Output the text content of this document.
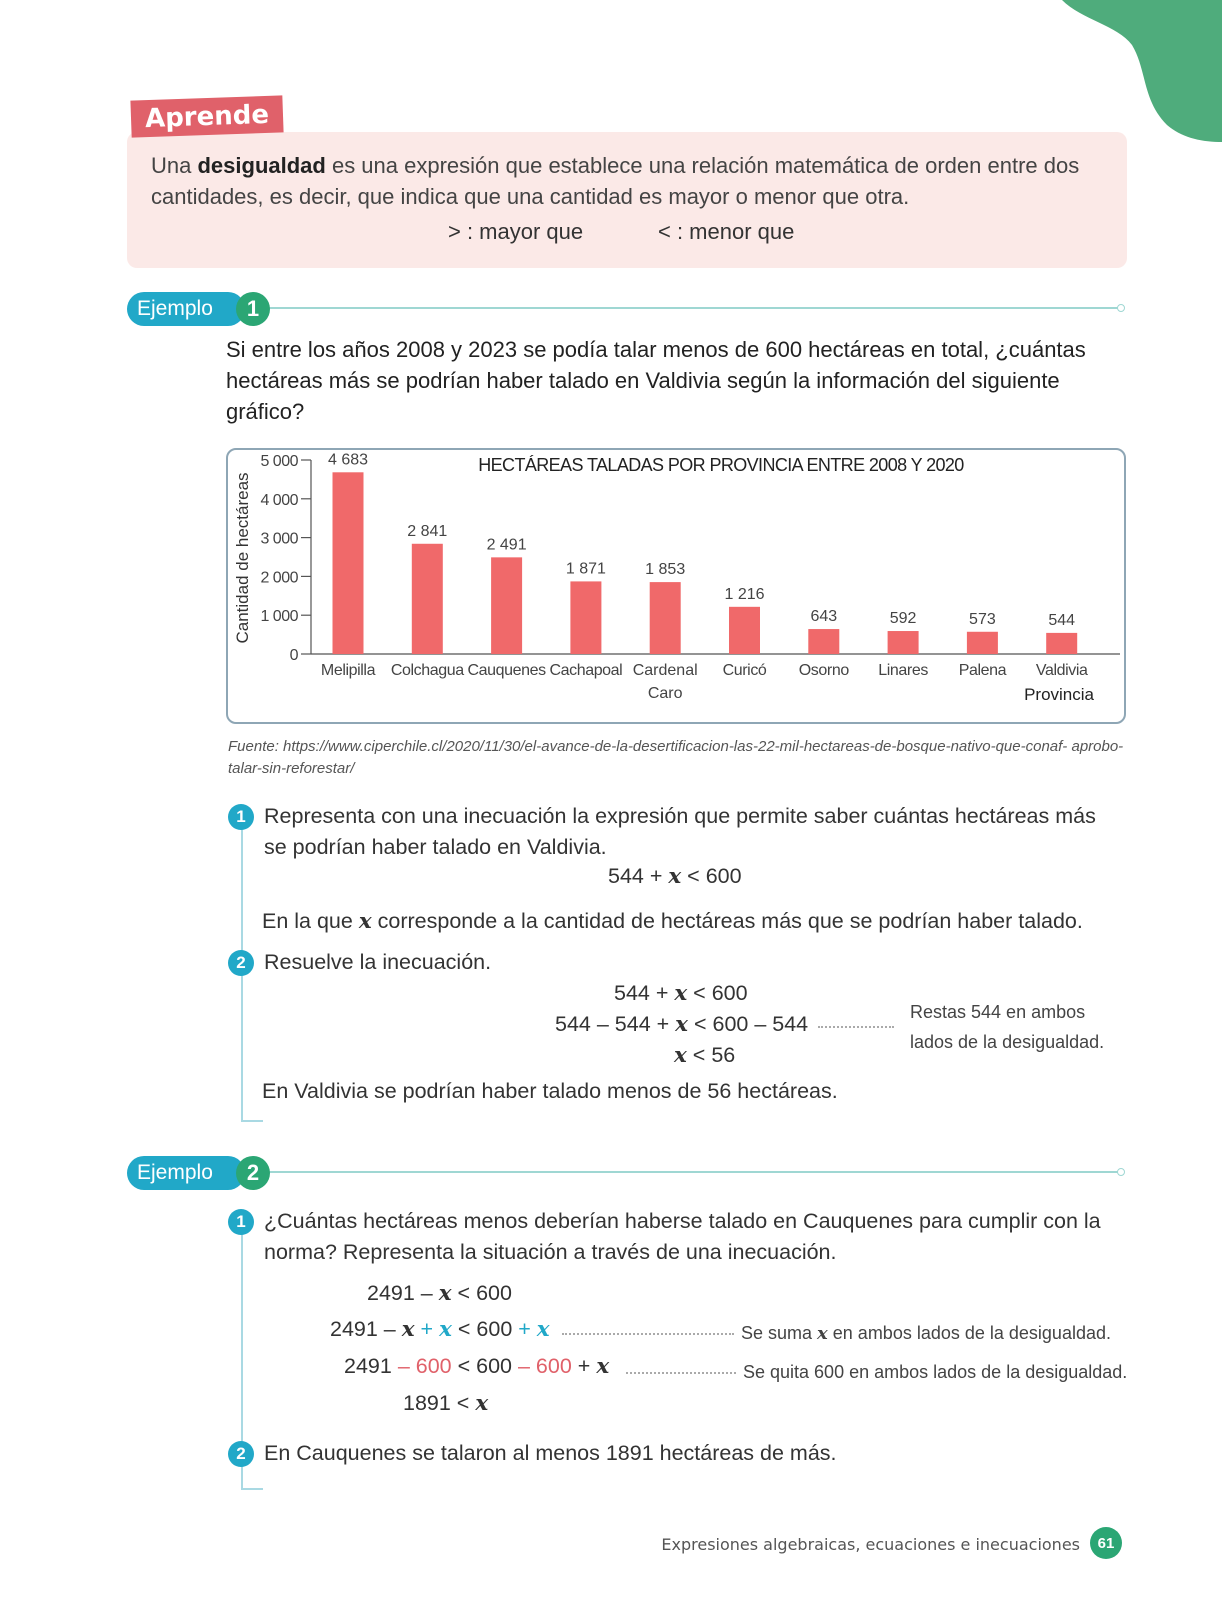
Aprende
Una desigualdad es una expresión que establece una relación matemática de orden entre dos cantidades, es decir, que indica que una cantidad es mayor o menor que otra.
> : mayor que	< : menor que
Ejemplo	1
Si entre los años 2008 y 2023 se podía talar menos de 600 hectáreas en total, ¿cuántas hectáreas más se podrían haber talado en Valdivia según la información del siguiente gráfico?
0
1 000
2 000
3 000
4 000
5 000
Cantidad de hectáreas
HECTÁREAS TALADAS POR PROVINCIA ENTRE 2008 Y 2020
4 683
Melipilla
2 841
Colchagua
2 491
Cauquenes
1 871
Cachapoal
1 853
Cardenal
Caro
1 216
Curicó
643
Osorno
592
Linares
573
Palena
544
Valdivia
Provincia
Fuente: https://www.ciperchile.cl/2020/11/30/el-avance-de-la-desertificacion-las-22-mil-hectareas-de-bosque-nativo-que-conaf- aprobo-talar-sin-reforestar/
1 Representa con una inecuación la expresión que permite saber cuántas hectáreas más se podrían haber talado en Valdivia.
544 + x < 600
En la que x corresponde a la cantidad de hectáreas más que se podrían haber talado.
2 Resuelve la inecuación.
544 + x < 600
544 – 544 + x < 600 – 544
x < 56
Restas 544 en ambos lados de la desigualdad.
En Valdivia se podrían haber talado menos de 56 hectáreas.
Ejemplo	2
1 ¿Cuántas hectáreas menos deberían haberse talado en Cauquenes para cumplir con la norma? Representa la situación a través de una inecuación.
2491 – x < 600
2491 – x + x < 600 + x
2491 – 600 < 600 – 600 + x
1891 < x
Se suma x en ambos lados de la desigualdad.
Se quita 600 en ambos lados de la desigualdad.
2 En Cauquenes se talaron al menos 1891 hectáreas de más.
Expresiones algebraicas, ecuaciones e inecuaciones	61
